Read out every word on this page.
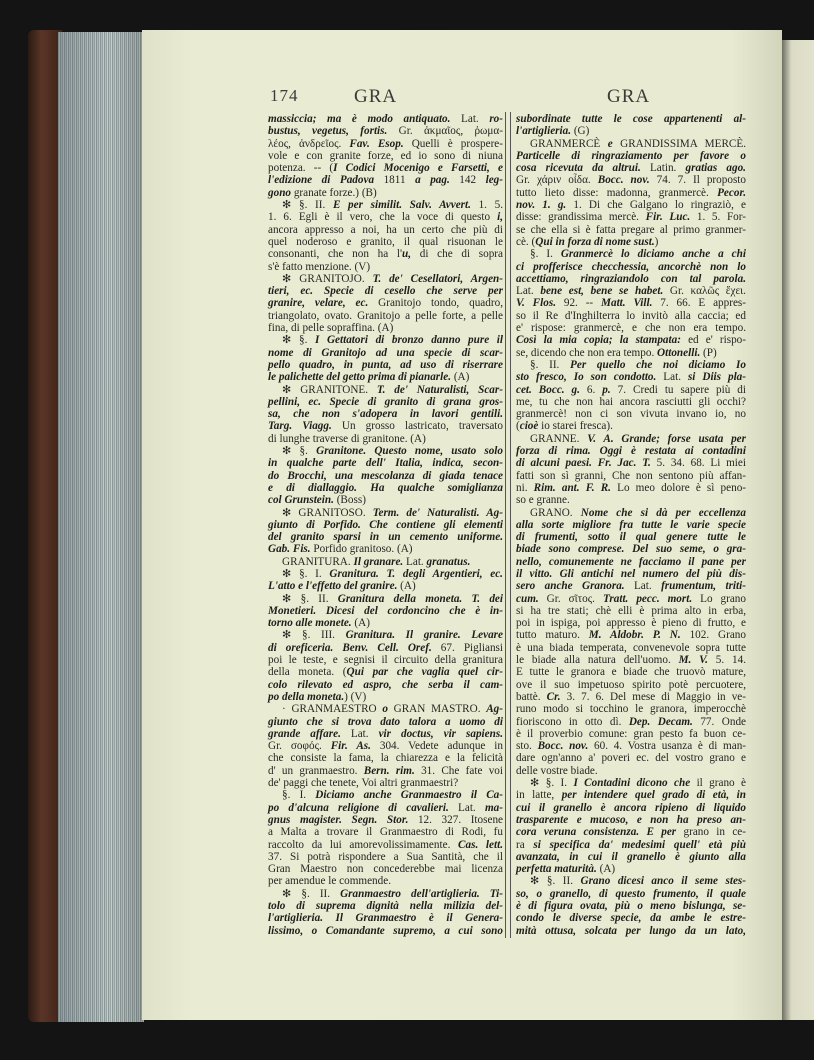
174	GRA	GRA
massiccia; ma è modo antiquato. Lat. ro-
bustus, vegetus, fortis. Gr. ἀκμαῖος, ῥωμα-
λέος, ἀνδρεῖος. Fav. Esop. Quelli è prospere-
vole e con granite forze, ed io sono di niuna
potenza. -- (I Codici Mocenigo e Farsetti, e
l'edizione di Padova 1811 a pag. 142 leg-
gono granate forze.) (B)
✻ §. II. E per similit. Salv. Avvert. 1. 5.
1. 6. Egli è il vero, che la voce di questo i,
ancora appresso a noi, ha un certo che più di
quel noderoso e granito, il qual risuonan le
consonanti, che non ha l'u, di che di sopra
s'è fatto menzione. (V)
✻ GRANITOJO. T. de' Cesellatori, Argen-
tieri, ec. Specie di cesello che serve per
granire, velare, ec. Granitojo tondo, quadro,
triangolato, ovato. Granitojo a pelle forte, a pelle
fina, di pelle sopraffina. (A)
✻ §. I Gettatori di bronzo danno pure il
nome di Granitojo ad una specie di scar-
pello quadro, in punta, ad uso di riserrare
le palichette del getto prima di pianarle. (A)
✻ GRANITONE. T. de' Naturalisti, Scar-
pellini, ec. Specie di granito di grana gros-
sa, che non s'adopera in lavori gentili.
Targ. Viagg. Un grosso lastricato, traversato
di lunghe traverse di granitone. (A)
✻ §. Granitone. Questo nome, usato solo
in qualche parte dell' Italia, indica, secon-
do Brocchi, una mescolanza di giada tenace
e di diallaggio. Ha qualche somiglianza
col Grunstein. (Boss)
✻ GRANITOSO. Term. de' Naturalisti. Ag-
giunto di Porfido. Che contiene gli elementi
del granito sparsi in un cemento uniforme.
Gab. Fis. Porfido granitoso. (A)
GRANITURA. Il granare. Lat. granatus.
✻ §. I. Granitura. T. degli Argentieri, ec.
L'atto e l'effetto del granire. (A)
✻ §. II. Granitura della moneta. T. dei
Monetieri. Dicesi del cordoncino che è in-
torno alle monete. (A)
✻ §. III. Granitura. Il granire. Levare
di oreficeria. Benv. Cell. Oref. 67. Pigliansi
poi le teste, e segnisi il circuito della granitura
della moneta. (Qui par che vaglia quel cir-
colo rilevato ed aspro, che serba il cam-
po della moneta.) (V)
· GRANMAESTRO o GRAN MASTRO. Ag-
giunto che si trova dato talora a uomo di
grande affare. Lat. vir doctus, vir sapiens.
Gr. σοφός. Fir. As. 304. Vedete adunque in
che consiste la fama, la chiarezza e la felicità
d' un granmaestro. Bern. rim. 31. Che fate voi
de' paggi che tenete, Voi altri granmaestri?
§. I. Diciamo anche Granmaestro il Ca-
po d'alcuna religione di cavalieri. Lat. ma-
gnus magister. Segn. Stor. 12. 327. Itosene
a Malta a trovare il Granmaestro di Rodi, fu
raccolto da lui amorevolissimamente. Cas. lett.
37. Si potrà rispondere a Sua Santità, che il
Gran Maestro non concederebbe mai licenza
per amendue le commende.
✻ §. II. Granmaestro dell'artiglieria. Ti-
tolo di suprema dignità nella milizia del-
l'artiglieria. Il Granmaestro è il Genera-
lissimo, o Comandante supremo, a cui sono
subordinate tutte le cose appartenenti al-
l'artiglieria. (G)
GRANMERCÈ e GRANDISSIMA MERCÈ.
Particelle di ringraziamento per favore o
cosa ricevuta da altrui. Latin. gratias ago.
Gr. χάριν οἶδα. Bocc. nov. 74. 7. Il proposto
tutto lieto disse: madonna, granmercè. Pecor.
nov. 1. g. 1. Di che Galgano lo ringraziò, e
disse: grandissima mercè. Fir. Luc. 1. 5. For-
se che ella si è fatta pregare al primo granmer-
cè. (Qui in forza di nome sust.)
§. I. Granmercè lo diciamo anche a chi
ci profferisce checchessia, ancorchè non lo
accettiamo, ringraziandolo con tal parola.
Lat. bene est, bene se habet. Gr. καλῶς ἔχει.
V. Flos. 92. -- Matt. Vill. 7. 66. E appres-
so il Re d'Inghilterra lo invitò alla caccia; ed
e' rispose: granmercè, e che non era tempo.
Così la mia copia; la stampata: ed e' rispo-
se, dicendo che non era tempo. Ottonelli. (P)
§. II. Per quello che noi diciamo Io
sto fresco, Io son condotto. Lat. si Diis pla-
cet. Bocc. g. 6. p. 7. Credi tu sapere più di
me, tu che non hai ancora rasciutti gli occhi?
granmercè! non ci son vivuta invano io, no
(cioè io starei fresca).
GRANNE. V. A. Grande; forse usata per
forza di rima. Oggi è restata ai contadini
di alcuni paesi. Fr. Jac. T. 5. 34. 68. Li miei
fatti son sì granni, Che non sentono più affan-
ni. Rim. ant. F. R. Lo meo dolore è sì peno-
so e granne.
GRANO. Nome che si dà per eccellenza
alla sorte migliore fra tutte le varie specie
di frumenti, sotto il qual genere tutte le
biade sono comprese. Del suo seme, o gra-
nello, comunemente ne facciamo il pane per
il vitto. Gli antichi nel numero del più dis-
sero anche Granora. Lat. frumentum, triti-
cum. Gr. σῖτος. Tratt. pecc. mort. Lo grano
si ha tre stati; chè elli è prima alto in erba,
poi in ispiga, poi appresso è pieno di frutto, e
tutto maturo. M. Aldobr. P. N. 102. Grano
è una biada temperata, convenevole sopra tutte
le biade alla natura dell'uomo. M. V. 5. 14.
E tutte le granora e biade che truovò mature,
ove il suo impetuoso spirito potè percuotere,
battè. Cr. 3. 7. 6. Del mese di Maggio in ve-
runo modo si tocchino le granora, imperocchè
fioriscono in otto dì. Dep. Decam. 77. Onde
è il proverbio comune: gran pesto fa buon ce-
sto. Bocc. nov. 60. 4. Vostra usanza è di man-
dare ogn'anno a' poveri ec. del vostro grano e
delle vostre biade.
✻ §. I. I Contadini dicono che il grano è
in latte, per intendere quel grado di età, in
cui il granello è ancora ripieno di liquido
trasparente e mucoso, e non ha preso an-
cora veruna consistenza. E per grano in ce-
ra si specifica da' medesimi quell' età più
avanzata, in cui il granello è giunto alla
perfetta maturità. (A)
✻ §. II. Grano dicesi anco il seme stes-
so, o granello, di questo frumento, il quale
è di figura ovata, più o meno bislunga, se-
condo le diverse specie, da ambe le estre-
mità ottusa, solcata per lungo da un lato,
